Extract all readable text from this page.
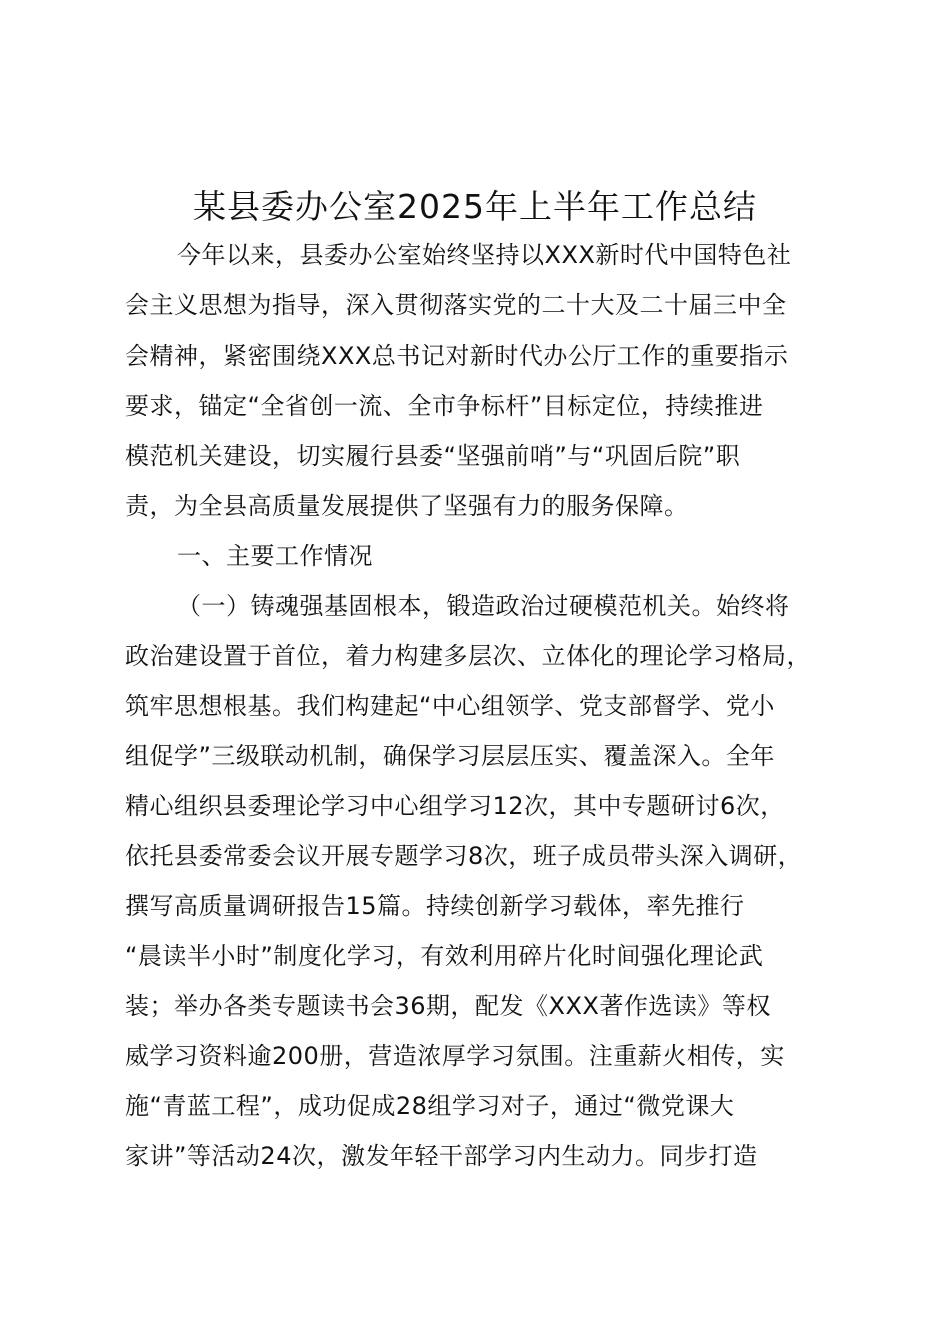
某县委办公室2025年上半年工作总结
今年以来，县委办公室始终坚持以XXX新时代中国特色社
会主义思想为指导，深入贯彻落实党的二十大及二十届三中全
会精神，紧密围绕XXX总书记对新时代办公厅工作的重要指示
要求，锚定“全省创一流、全市争标杆”目标定位，持续推进
模范机关建设，切实履行县委“坚强前哨”与“巩固后院”职
责，为全县高质量发展提供了坚强有力的服务保障。
一、主要工作情况
（一）铸魂强基固根本，锻造政治过硬模范机关。始终将
政治建设置于首位，着力构建多层次、立体化的理论学习格局，
筑牢思想根基。我们构建起“中心组领学、党支部督学、党小
组促学”三级联动机制，确保学习层层压实、覆盖深入。全年
精心组织县委理论学习中心组学习12次，其中专题研讨6次，
依托县委常委会议开展专题学习8次，班子成员带头深入调研，
撰写高质量调研报告15篇。持续创新学习载体，率先推行
“晨读半小时”制度化学习，有效利用碎片化时间强化理论武
装；举办各类专题读书会36期，配发《XXX著作选读》等权
威学习资料逾200册，营造浓厚学习氛围。注重薪火相传，实
施“青蓝工程”，成功促成28组学习对子，通过“微党课大
家讲”等活动24次，激发年轻干部学习内生动力。同步打造
